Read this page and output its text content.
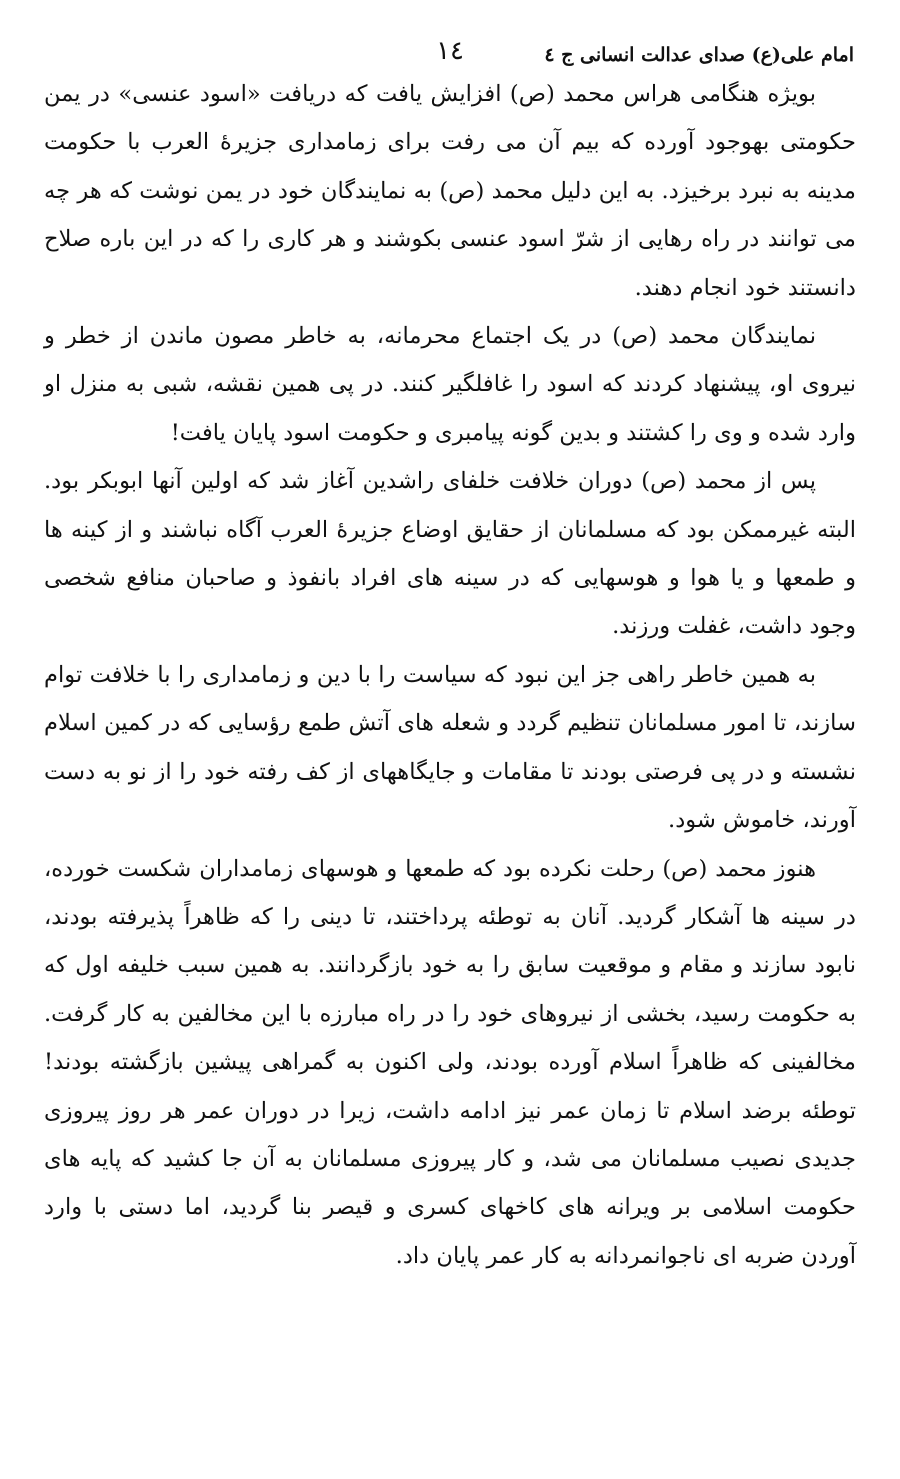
امام علی(ع) صدای عدالت انسانی ج ٤
١٤

بویژه هنگامی هراس محمد (ص) افزایش یافت که دریافت «اسود عنسی» در یمن حکومتی بهوجود آورده که بیم آن می رفت برای زمامداری جزیرۀ العرب با حکومت مدینه به نبرد برخیزد. به این دلیل محمد (ص) به نمایندگان خود در یمن نوشت که هر چه می توانند در راه رهایی از شرّ اسود عنسی بکوشند و هر کاری را که در این باره صلاح دانستند خود انجام دهند.

نمایندگان محمد (ص) در یک اجتماع محرمانه، به خاطر مصون ماندن از خطر و نیروی او، پیشنهاد کردند که اسود را غافلگیر کنند. در پی همین نقشه، شبی به منزل او وارد شده و وی را کشتند و بدین گونه پیامبری و حکومت اسود پایان یافت!

پس از محمد (ص) دوران خلافت خلفای راشدین آغاز شد که اولین آنها ابوبکر بود. البته غیرممکن بود که مسلمانان از حقایق اوضاع جزیرۀ العرب آگاه نباشند و از کینه ها و طمعها و یا هوا و هوسهایی که در سینه های افراد بانفوذ و صاحبان منافع شخصی وجود داشت، غفلت ورزند.

به همین خاطر راهی جز این نبود که سیاست را با دین و زمامداری را با خلافت توام سازند، تا امور مسلمانان تنظیم گردد و شعله های آتش طمع رؤسایی که در کمین اسلام نشسته و در پی فرصتی بودند تا مقامات و جایگاههای از کف رفته خود را از نو به دست آورند، خاموش شود.

هنوز محمد (ص) رحلت نکرده بود که طمعها و هوسهای زمامداران شکست خورده، در سینه ها آشکار گردید. آنان به توطئه پرداختند، تا دینی را که ظاهراً پذیرفته بودند، نابود سازند و مقام و موقعیت سابق را به خود بازگردانند. به همین سبب خلیفه اول که به حکومت رسید، بخشی از نیروهای خود را در راه مبارزه با این مخالفین به کار گرفت. مخالفینی که ظاهراً اسلام آورده بودند، ولی اکنون به گمراهی پیشین بازگشته بودند! توطئه برضد اسلام تا زمان عمر نیز ادامه داشت، زیرا در دوران عمر هر روز پیروزی جدیدی نصیب مسلمانان می شد، و کار پیروزی مسلمانان به آن جا کشید که پایه های حکومت اسلامی بر ویرانه های کاخهای کسری و قیصر بنا گردید، اما دستی با وارد آوردن ضربه ای ناجوانمردانه به کار عمر پایان داد.
